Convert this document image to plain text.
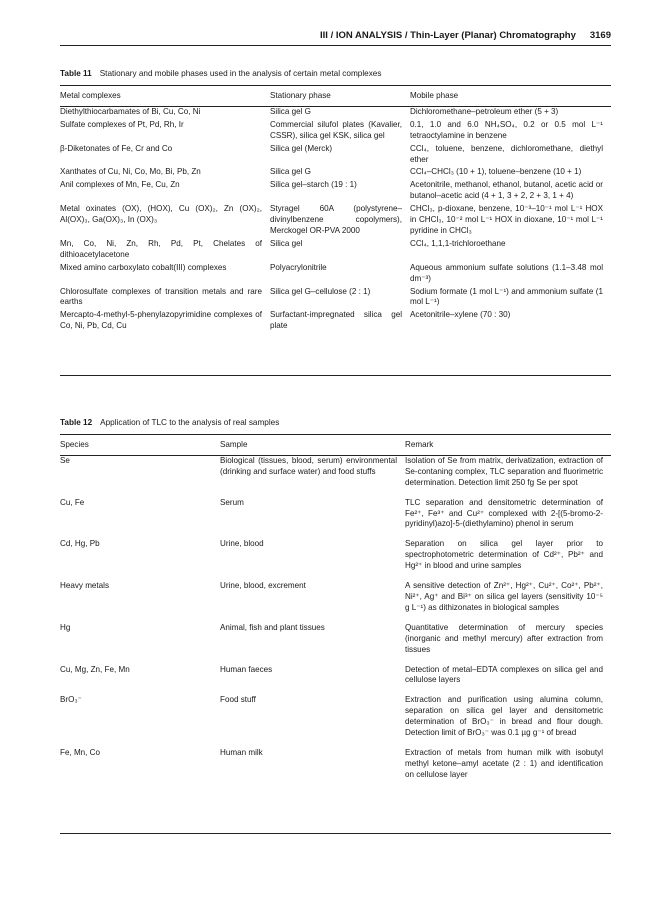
III / ION ANALYSIS / Thin-Layer (Planar) Chromatography 3169
Table 11 Stationary and mobile phases used in the analysis of certain metal complexes
Metal complexes	Stationary phase	Mobile phase
Diethylthiocarbamates of Bi, Cu, Co, Ni	Silica gel G	Dichloromethane–petroleum ether (5 + 3)
Sulfate complexes of Pt, Pd, Rh, Ir	Commercial silufol plates (Kavalier, CSSR), silica gel KSK, silica gel	0.1, 1.0 and 6.0 NH₄SO₄, 0.2 or 0.5 mol L⁻¹ tetraoctylamine in benzene
β-Diketonates of Fe, Cr and Co	Silica gel (Merck)	CCl₄, toluene, benzene, dichloromethane, diethyl ether
Xanthates of Cu, Ni, Co, Mo, Bi, Pb, Zn	Silica gel G	CCl₄–CHCl₃ (10 + 1), toluene–benzene (10 + 1)
Anil complexes of Mn, Fe, Cu, Zn	Silica gel–starch (19 : 1)	Acetonitrile, methanol, ethanol, butanol, acetic acid or butanol–acetic acid (4 + 1, 3 + 2, 2 + 3, 1 + 4)
Metal oxinates (OX), (HOX), Cu (OX)₂, Zn (OX)₂, Al(OX)₃, Ga(OX)₃, In (OX)₃	Styragel 60A (polystyrene–divinylbenzene copolymers), Merckogel OR-PVA 2000	CHCl₃, p-dioxane, benzene, 10⁻³–10⁻¹ mol L⁻¹ HOX in CHCl₃, 10⁻² mol L⁻¹ HOX in dioxane, 10⁻¹ mol L⁻¹ pyridine in CHCl₃
Mn, Co, Ni, Zn, Rh, Pd, Pt, Chelates of dithioacetylacetone	Silica gel	CCl₄, 1,1,1-trichloroethane
Mixed amino carboxylato cobalt(III) complexes	Polyacrylonitrile	Aqueous ammonium sulfate solutions (1.1–3.48 mol dm⁻³)
Chlorosulfate complexes of transition metals and rare earths	Silica gel G–cellulose (2 : 1)	Sodium formate (1 mol L⁻¹) and ammonium sulfate (1 mol L⁻¹)
Mercapto-4-methyl-5-phenylazopyrimidine complexes of Co, Ni, Pb, Cd, Cu	Surfactant-impregnated silica gel plate	Acetonitrile–xylene (70 : 30)
Table 12 Application of TLC to the analysis of real samples
Species	Sample	Remark
Se	Biological (tissues, blood, serum) environmental (drinking and surface water) and food stuffs	Isolation of Se from matrix, derivatization, extraction of Se-contaning complex, TLC separation and fluorimetric determination. Detection limit 250 fg Se per spot
Cu, Fe	Serum	TLC separation and densitometric determination of Fe²⁺, Fe³⁺ and Cu²⁺ complexed with 2-[(5-bromo-2-pyridinyl)azo]-5-(diethylamino) phenol in serum
Cd, Hg, Pb	Urine, blood	Separation on silica gel layer prior to spectrophotometric determination of Cd²⁺, Pb²⁺ and Hg²⁺ in blood and urine samples
Heavy metals	Urine, blood, excrement	A sensitive detection of Zn²⁺, Hg²⁺, Cu²⁺, Co²⁺, Pb²⁺, Ni²⁺, Ag⁺ and Bi³⁺ on silica gel layers (sensitivity 10⁻⁵ g L⁻¹) as dithizonates in biological samples
Hg	Animal, fish and plant tissues	Quantitative determination of mercury species (inorganic and methyl mercury) after extraction from tissues
Cu, Mg, Zn, Fe, Mn	Human faeces	Detection of metal–EDTA complexes on silica gel and cellulose layers
BrO₃⁻	Food stuff	Extraction and purification using alumina column, separation on silica gel layer and densitometric determination of BrO₃⁻ in bread and flour dough. Detection limit of BrO₃⁻ was 0.1 µg g⁻¹ of bread
Fe, Mn, Co	Human milk	Extraction of metals from human milk with isobutyl methyl ketone–amyl acetate (2 : 1) and identification on cellulose layer
